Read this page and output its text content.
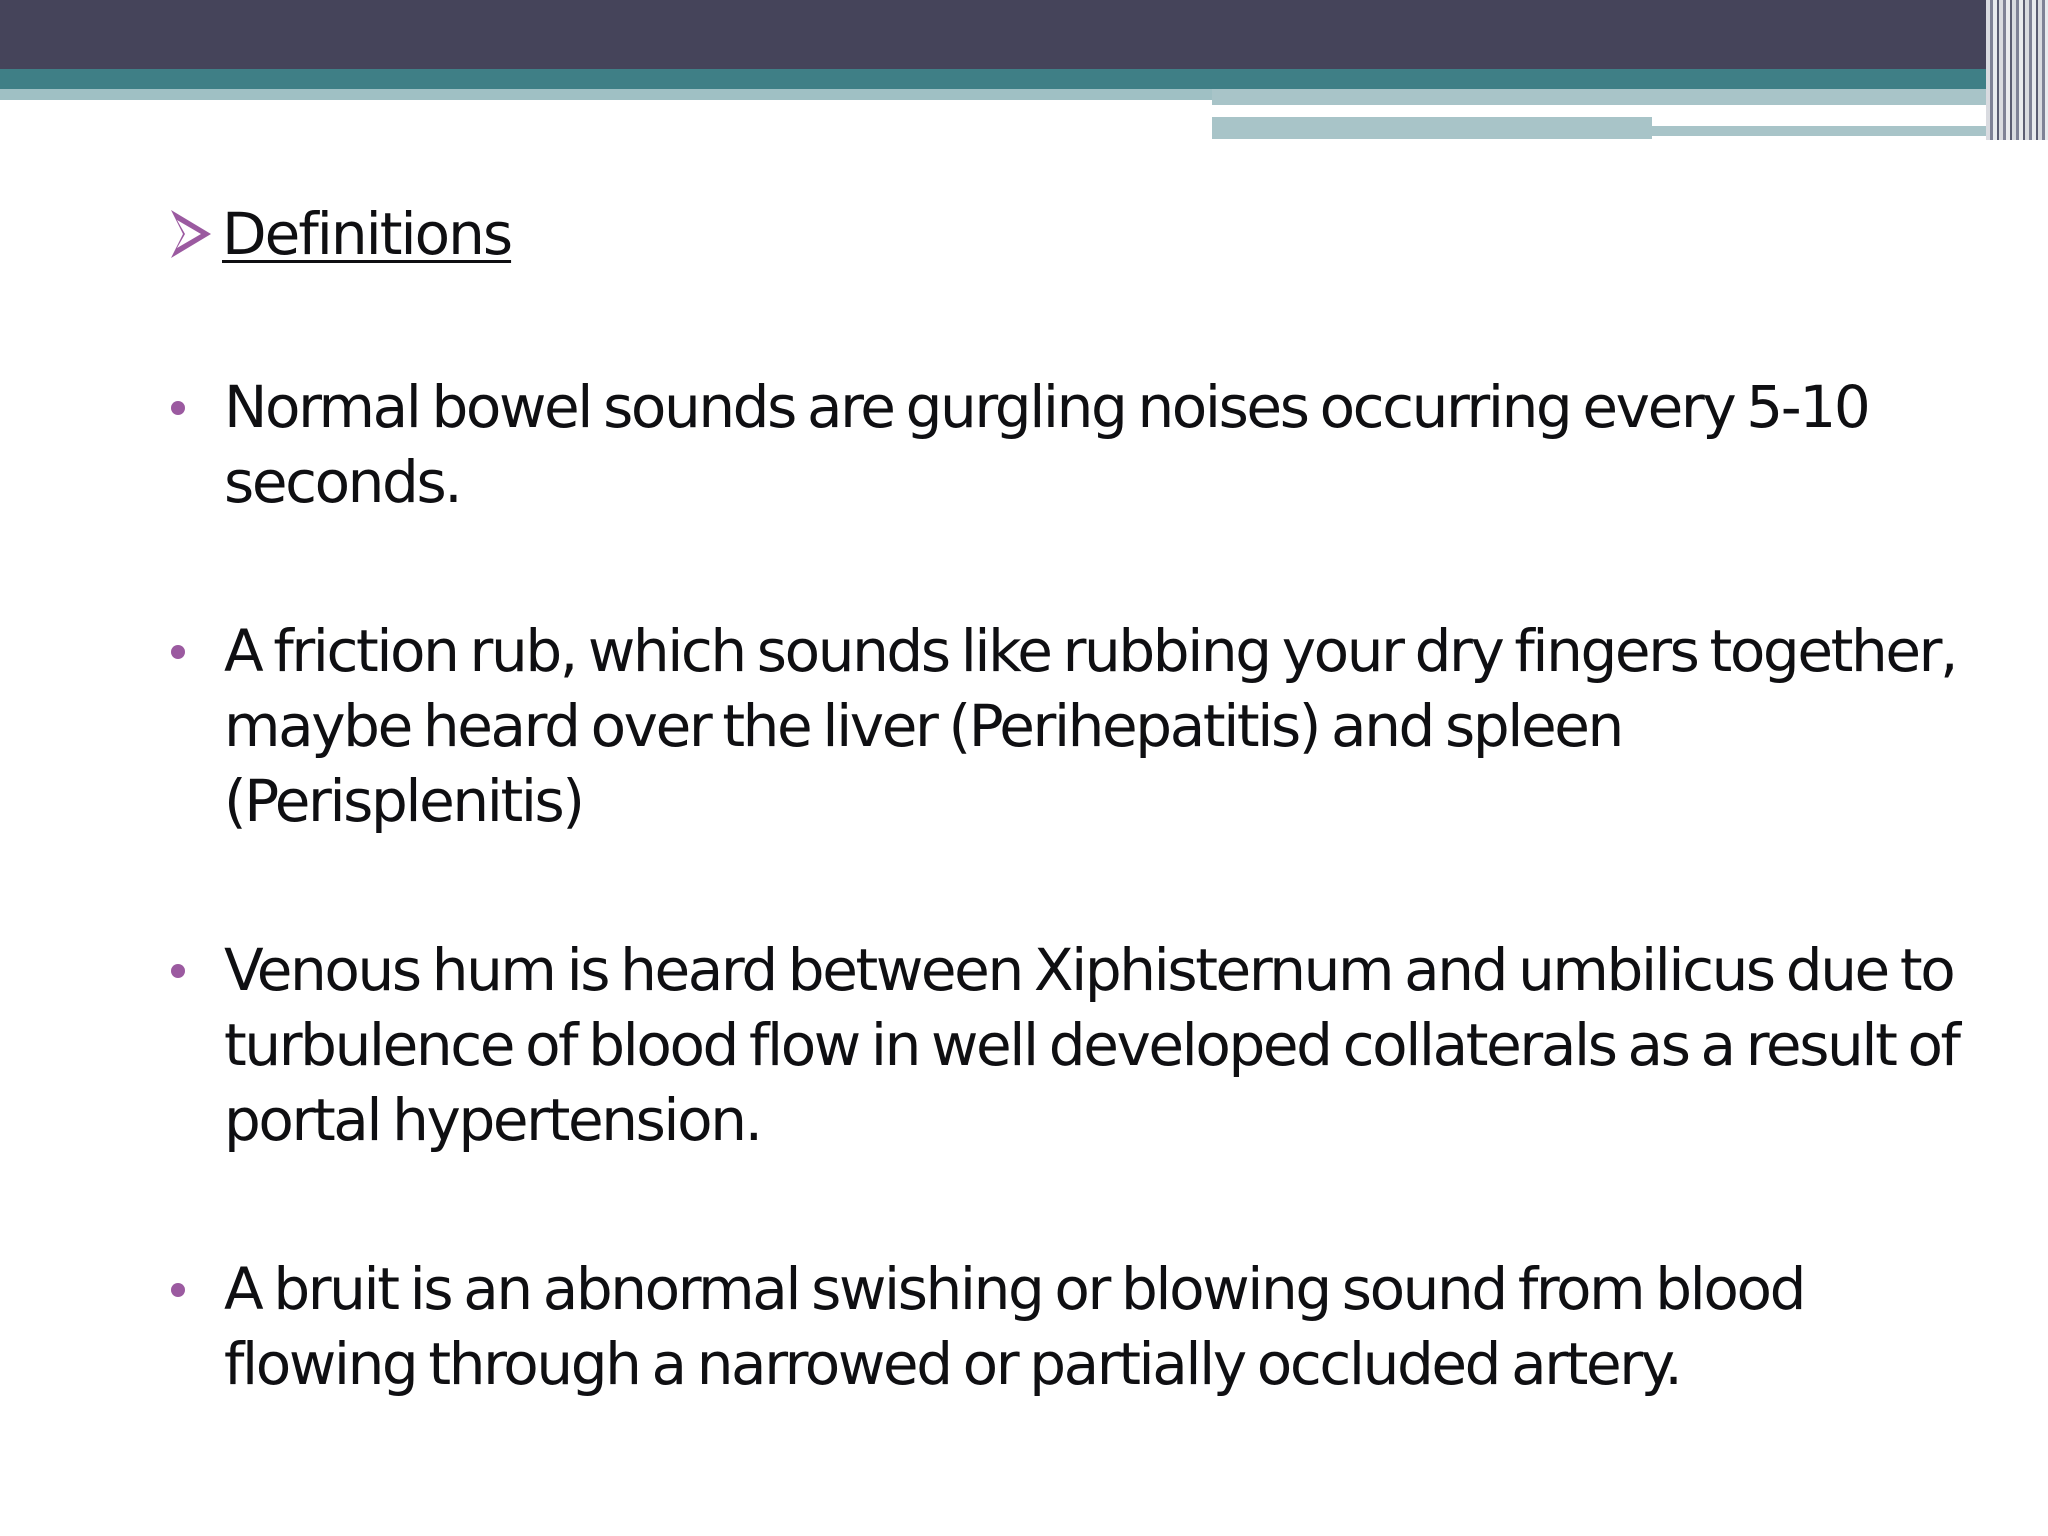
Definitions
Normal bowel sounds are gurgling noises occurring every 5-10 seconds.
A friction rub, which sounds like rubbing your dry fingers together, maybe heard over the liver (Perihepatitis) and spleen (Perisplenitis)
Venous hum is heard between Xiphisternum and umbilicus due to turbulence of blood flow in well developed collaterals as a result of portal hypertension.
A bruit is an abnormal swishing or blowing sound from blood flowing through a narrowed or partially occluded artery.
